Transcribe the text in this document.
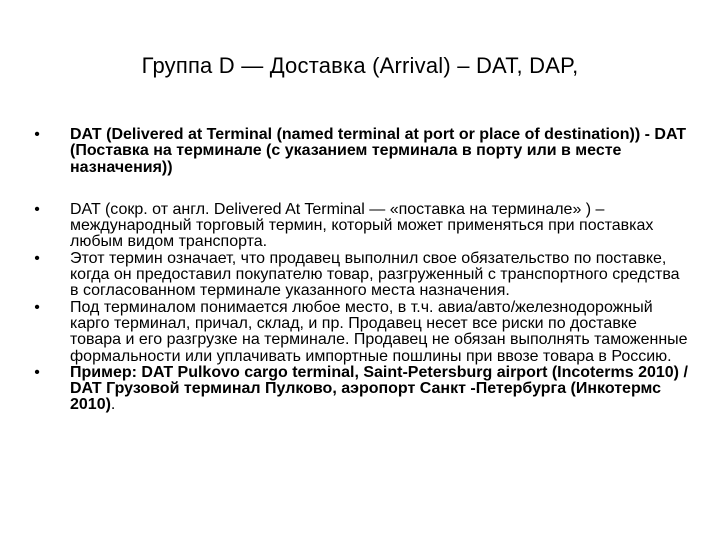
Группа D — Доставка (Arrival) – DAT, DAP,
• DAT (Delivered at Terminal (named terminal at port or place of destination)) - DAT (Поставка на терминале (с указанием терминала в порту или в месте назначения))
• DAT (сокр. от англ. Delivered At Terminal — «поставка на терминале» ) – международный торговый термин, который может применяться при поставках любым видом транспорта.
• Этот термин означает, что продавец выполнил свое обязательство по поставке, когда он предоставил покупателю товар, разгруженный с транспортного средства в согласованном терминале указанного места назначения.
• Под терминалом понимается любое место, в т.ч. авиа/авто/железнодорожный карго терминал, причал, склад, и пр. Продавец несет все риски по доставке товара и его разгрузке на терминале. Продавец не обязан выполнять таможенные формальности или уплачивать импортные пошлины при ввозе товара в Россию.
• Пример: DAT Pulkovo cargo terminal, Saint-Petersburg airport (Incoterms 2010) / DAT Грузовой терминал Пулково, аэропорт Санкт -Петербурга (Инкотермс 2010).
